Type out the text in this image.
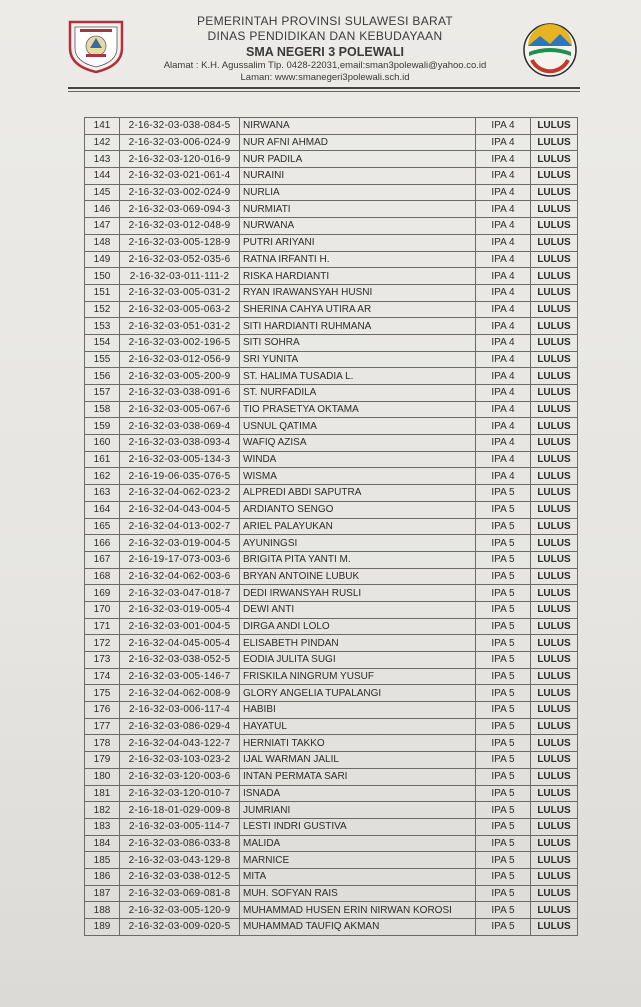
PEMERINTAH PROVINSI SULAWESI BARAT
DINAS PENDIDIKAN DAN KEBUDAYAAN
SMA NEGERI 3 POLEWALI
Alamat : K.H. Agussalim Tlp. 0428-22031,email:sman3polewali@yahoo.co.id
Laman: www:smanegeri3polewali.sch.id
141	2-16-32-03-038-084-5	NIRWANA	IPA 4	LULUS
142	2-16-32-03-006-024-9	NUR AFNI AHMAD	IPA 4	LULUS
143	2-16-32-03-120-016-9	NUR PADILA	IPA 4	LULUS
144	2-16-32-03-021-061-4	NURAINI	IPA 4	LULUS
145	2-16-32-03-002-024-9	NURLIA	IPA 4	LULUS
146	2-16-32-03-069-094-3	NURMIATI	IPA 4	LULUS
147	2-16-32-03-012-048-9	NURWANA	IPA 4	LULUS
148	2-16-32-03-005-128-9	PUTRI ARIYANI	IPA 4	LULUS
149	2-16-32-03-052-035-6	RATNA IRFANTI H.	IPA 4	LULUS
150	2-16-32-03-011-111-2	RISKA HARDIANTI	IPA 4	LULUS
151	2-16-32-03-005-031-2	RYAN IRAWANSYAH HUSNI	IPA 4	LULUS
152	2-16-32-03-005-063-2	SHERINA CAHYA UTIRA AR	IPA 4	LULUS
153	2-16-32-03-051-031-2	SITI HARDIANTI RUHMANA	IPA 4	LULUS
154	2-16-32-03-002-196-5	SITI SOHRA	IPA 4	LULUS
155	2-16-32-03-012-056-9	SRI YUNITA	IPA 4	LULUS
156	2-16-32-03-005-200-9	ST. HALIMA TUSADIA L.	IPA 4	LULUS
157	2-16-32-03-038-091-6	ST. NURFADILA	IPA 4	LULUS
158	2-16-32-03-005-067-6	TIO PRASETYA OKTAMA	IPA 4	LULUS
159	2-16-32-03-038-069-4	USNUL QATIMA	IPA 4	LULUS
160	2-16-32-03-038-093-4	WAFIQ AZISA	IPA 4	LULUS
161	2-16-32-03-005-134-3	WINDA	IPA 4	LULUS
162	2-16-19-06-035-076-5	WISMA	IPA 4	LULUS
163	2-16-32-04-062-023-2	ALPREDI ABDI SAPUTRA	IPA 5	LULUS
164	2-16-32-04-043-004-5	ARDIANTO SENGO	IPA 5	LULUS
165	2-16-32-04-013-002-7	ARIEL PALAYUKAN	IPA 5	LULUS
166	2-16-32-03-019-004-5	AYUNINGSI	IPA 5	LULUS
167	2-16-19-17-073-003-6	BRIGITA PITA YANTI M.	IPA 5	LULUS
168	2-16-32-04-062-003-6	BRYAN ANTOINE LUBUK	IPA 5	LULUS
169	2-16-32-03-047-018-7	DEDI IRWANSYAH RUSLI	IPA 5	LULUS
170	2-16-32-03-019-005-4	DEWI ANTI	IPA 5	LULUS
171	2-16-32-03-001-004-5	DIRGA ANDI LOLO	IPA 5	LULUS
172	2-16-32-04-045-005-4	ELISABETH PINDAN	IPA 5	LULUS
173	2-16-32-03-038-052-5	EODIA JULITA SUGI	IPA 5	LULUS
174	2-16-32-03-005-146-7	FRISKILA NINGRUM YUSUF	IPA 5	LULUS
175	2-16-32-04-062-008-9	GLORY ANGELIA TUPALANGI	IPA 5	LULUS
176	2-16-32-03-006-117-4	HABIBI	IPA 5	LULUS
177	2-16-32-03-086-029-4	HAYATUL	IPA 5	LULUS
178	2-16-32-04-043-122-7	HERNIATI TAKKO	IPA 5	LULUS
179	2-16-32-03-103-023-2	IJAL WARMAN JALIL	IPA 5	LULUS
180	2-16-32-03-120-003-6	INTAN PERMATA SARI	IPA 5	LULUS
181	2-16-32-03-120-010-7	ISNADA	IPA 5	LULUS
182	2-16-18-01-029-009-8	JUMRIANI	IPA 5	LULUS
183	2-16-32-03-005-114-7	LESTI INDRI GUSTIVA	IPA 5	LULUS
184	2-16-32-03-086-033-8	MALIDA	IPA 5	LULUS
185	2-16-32-03-043-129-8	MARNICE	IPA 5	LULUS
186	2-16-32-03-038-012-5	MITA	IPA 5	LULUS
187	2-16-32-03-069-081-8	MUH. SOFYAN RAIS	IPA 5	LULUS
188	2-16-32-03-005-120-9	MUHAMMAD HUSEN ERIN NIRWAN KOROSI	IPA 5	LULUS
189	2-16-32-03-009-020-5	MUHAMMAD TAUFIQ AKMAN	IPA 5	LULUS
